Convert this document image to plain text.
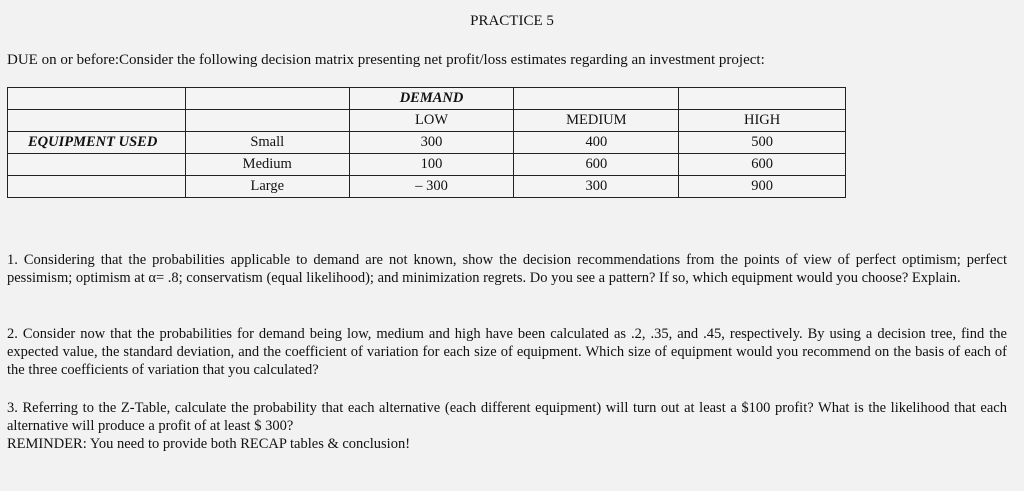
PRACTICE 5
DUE on or before:Consider the following decision matrix presenting net profit/loss estimates regarding an investment project:
		DEMAND		
		LOW	MEDIUM	HIGH
EQUIPMENT USED	Small	300	400	500
	Medium	100	600	600
	Large	– 300	300	900

1. Considering that the probabilities applicable to demand are not known, show the decision recommendations from the points of view of perfect optimism; perfect pessimism; optimism at α= .8; conservatism (equal likelihood); and minimization regrets. Do you see a pattern? If so, which equipment would you choose? Explain.

2. Consider now that the probabilities for demand being low, medium and high have been calculated as .2, .35, and .45, respectively. By using a decision tree, find the expected value, the standard deviation, and the coefficient of variation for each size of equipment. Which size of equipment would you recommend on the basis of each of the three coefficients of variation that you calculated?

3. Referring to the Z-Table, calculate the probability that each alternative (each different equipment) will turn out at least a $100 profit? What is the likelihood that each alternative will produce a profit of at least $ 300?

REMINDER: You need to provide both RECAP tables & conclusion!
